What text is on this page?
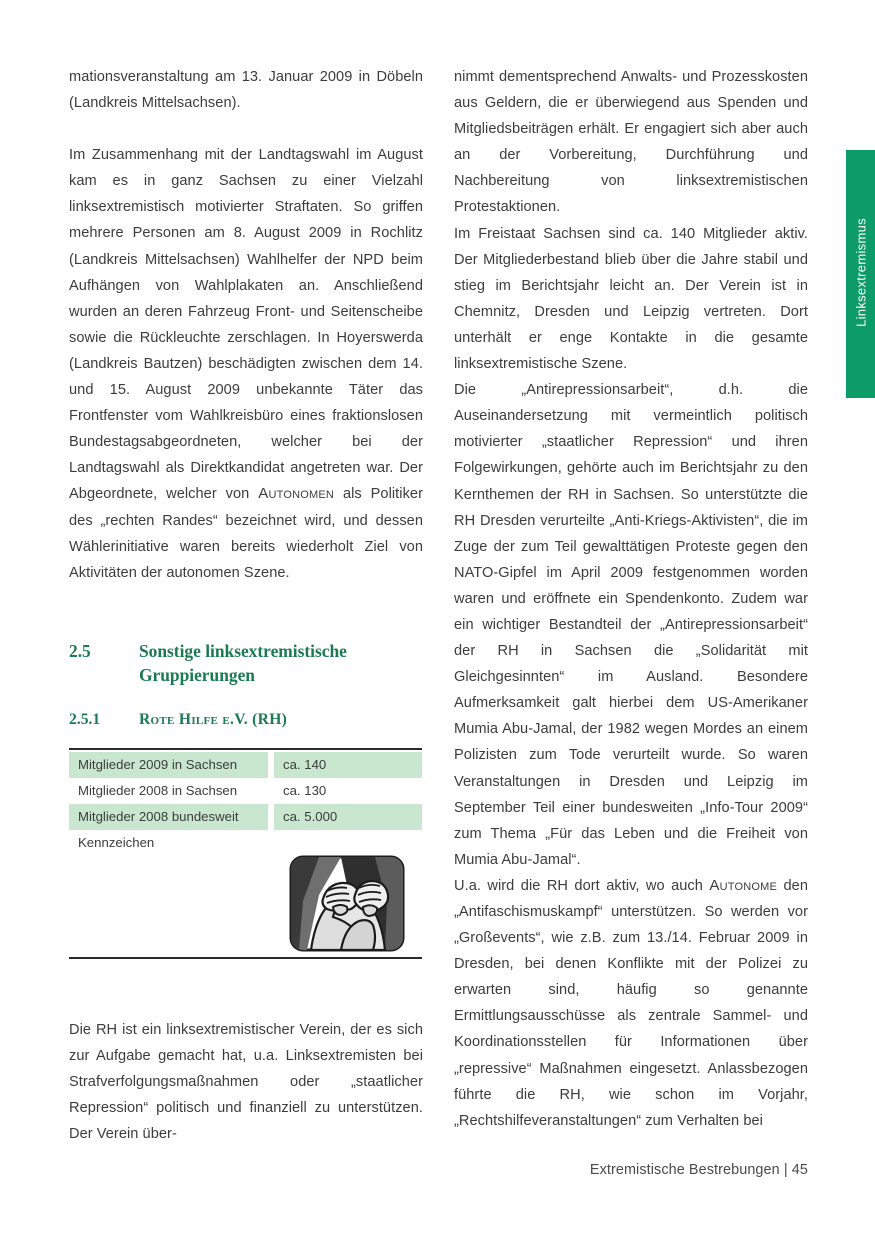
mationsveranstaltung am 13. Januar 2009 in Döbeln (Landkreis Mittelsachsen).

Im Zusammenhang mit der Landtagswahl im August kam es in ganz Sachsen zu einer Vielzahl linksextremistisch motivierter Straftaten. So griffen mehrere Personen am 8. August 2009 in Rochlitz (Landkreis Mittelsachsen) Wahlhelfer der NPD beim Aufhängen von Wahlplakaten an. Anschließend wurden an deren Fahrzeug Front- und Seitenscheibe sowie die Rückleuchte zerschlagen. In Hoyerswerda (Landkreis Bautzen) beschädigten zwischen dem 14. und 15. August 2009 unbekannte Täter das Frontfenster vom Wahlkreisbüro eines fraktionslosen Bundestagsabgeordneten, welcher bei der Landtagswahl als Direktkandidat angetreten war. Der Abgeordnete, welcher von Autonomen als Politiker des „rechten Randes“ bezeichnet wird, und dessen Wählerinitiative waren bereits wiederholt Ziel von Aktivitäten der autonomen Szene.

2.5	Sonstige linksextremistische Gruppierungen
2.5.1	Rote Hilfe e.V. (RH)
Mitglieder 2009 in Sachsen	ca. 140
Mitglieder 2008 in Sachsen	ca. 130
Mitglieder 2008 bundesweit	ca. 5.000
Kennzeichen

Die RH ist ein linksextremistischer Verein, der es sich zur Aufgabe gemacht hat, u.a. Linksextremisten bei Strafverfolgungsmaßnahmen oder „staatlicher Repression“ politisch und finanziell zu unterstützen. Der Verein über-

nimmt dementsprechend Anwalts- und Prozesskosten aus Geldern, die er überwiegend aus Spenden und Mitgliedsbeiträgen erhält. Er engagiert sich aber auch an der Vorbereitung, Durchführung und Nachbereitung von linksextremistischen Protestaktionen.

Im Freistaat Sachsen sind ca. 140 Mitglieder aktiv. Der Mitgliederbestand blieb über die Jahre stabil und stieg im Berichtsjahr leicht an. Der Verein ist in Chemnitz, Dresden und Leipzig vertreten. Dort unterhält er enge Kontakte in die gesamte linksextremistische Szene.

Die „Antirepressionsarbeit“, d.h. die Auseinandersetzung mit vermeintlich politisch motivierter „staatlicher Repression“ und ihren Folgewirkungen, gehörte auch im Berichtsjahr zu den Kernthemen der RH in Sachsen. So unterstützte die RH Dresden verurteilte „Anti-Kriegs-Aktivisten“, die im Zuge der zum Teil gewalttätigen Proteste gegen den NATO-Gipfel im April 2009 festgenommen worden waren und eröffnete ein Spendenkonto. Zudem war ein wichtiger Bestandteil der „Antirepressionsarbeit“ der RH in Sachsen die „Solidarität mit Gleichgesinnten“ im Ausland. Besondere Aufmerksamkeit galt hierbei dem US-Amerikaner Mumia Abu-Jamal, der 1982 wegen Mordes an einem Polizisten zum Tode verurteilt wurde. So waren Veranstaltungen in Dresden und Leipzig im September Teil einer bundesweiten „Info-Tour 2009“ zum Thema „Für das Leben und die Freiheit von Mumia Abu-Jamal“.

U.a. wird die RH dort aktiv, wo auch Autonome den „Antifaschismuskampf“ unterstützen. So werden vor „Großevents“, wie z.B. zum 13./14. Februar 2009 in Dresden, bei denen Konflikte mit der Polizei zu erwarten sind, häufig so genannte Ermittlungsausschüsse als zentrale Sammel- und Koordinationsstellen für Informationen über „repressive“ Maßnahmen eingesetzt. Anlassbezogen führte die RH, wie schon im Vorjahr, „Rechtshilfeveranstaltungen“ zum Verhalten bei

Linksextremismus
Extremistische Bestrebungen | 45
